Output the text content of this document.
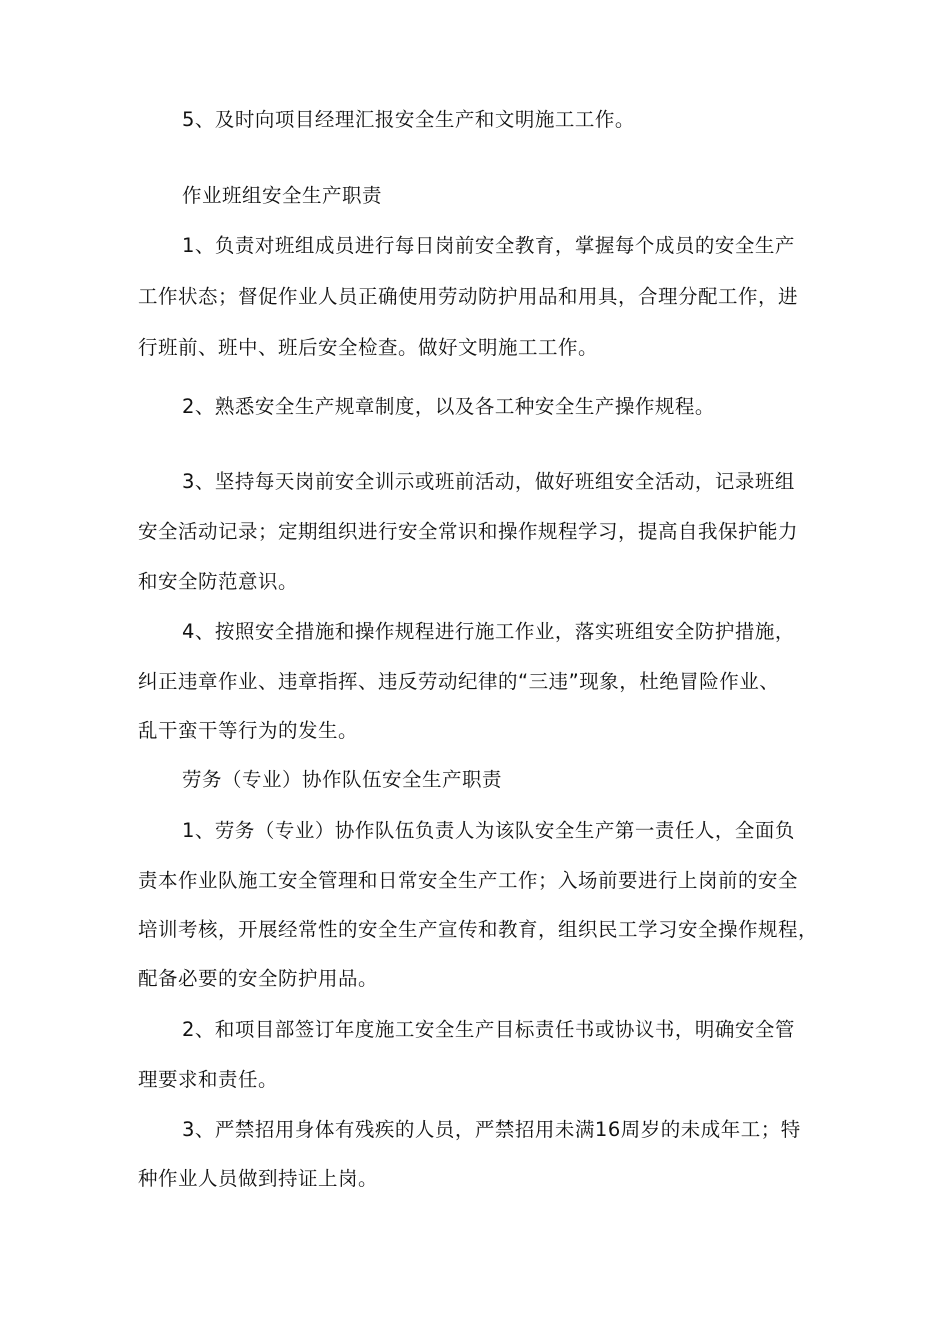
5、及时向项目经理汇报安全生产和文明施工工作。
作业班组安全生产职责
1、负责对班组成员进行每日岗前安全教育，掌握每个成员的安全生产
工作状态；督促作业人员正确使用劳动防护用品和用具，合理分配工作，进
行班前、班中、班后安全检查。做好文明施工工作。
2、熟悉安全生产规章制度，以及各工种安全生产操作规程。
3、坚持每天岗前安全训示或班前活动，做好班组安全活动，记录班组
安全活动记录；定期组织进行安全常识和操作规程学习，提高自我保护能力
和安全防范意识。
4、按照安全措施和操作规程进行施工作业，落实班组安全防护措施，
纠正违章作业、违章指挥、违反劳动纪律的“三违”现象，杜绝冒险作业、
乱干蛮干等行为的发生。
劳务（专业）协作队伍安全生产职责
1、劳务（专业）协作队伍负责人为该队安全生产第一责任人，全面负
责本作业队施工安全管理和日常安全生产工作；入场前要进行上岗前的安全
培训考核，开展经常性的安全生产宣传和教育，组织民工学习安全操作规程，
配备必要的安全防护用品。
2、和项目部签订年度施工安全生产目标责任书或协议书，明确安全管
理要求和责任。
3、严禁招用身体有残疾的人员，严禁招用未满16周岁的未成年工；特
种作业人员做到持证上岗。
